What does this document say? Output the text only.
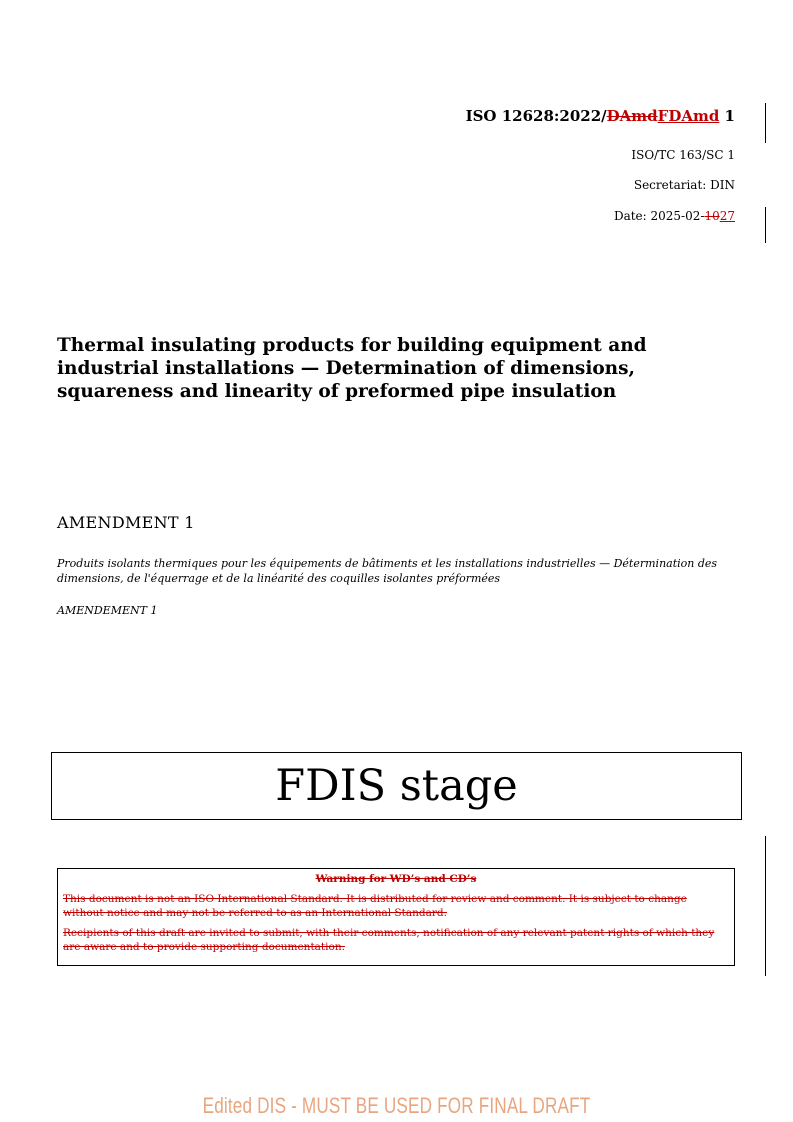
ISO 12628:2022/DAmdFDAmd 1
ISO/TC 163/SC 1
Secretariat: DIN
Date: 2025-02-1027
Thermal insulating products for building equipment and industrial installations — Determination of dimensions, squareness and linearity of preformed pipe insulation
AMENDMENT 1
Produits isolants thermiques pour les équipements de bâtiments et les installations industrielles — Détermination des dimensions, de l'équerrage et de la linéarité des coquilles isolantes préformées
AMENDEMENT 1
FDIS stage
Warning for WD’s and CD’s
This document is not an ISO International Standard. It is distributed for review and comment. It is subject to change without notice and may not be referred to as an International Standard.
Recipients of this draft are invited to submit, with their comments, notification of any relevant patent rights of which they are aware and to provide supporting documentation.
Edited DIS - MUST BE USED FOR FINAL DRAFT
